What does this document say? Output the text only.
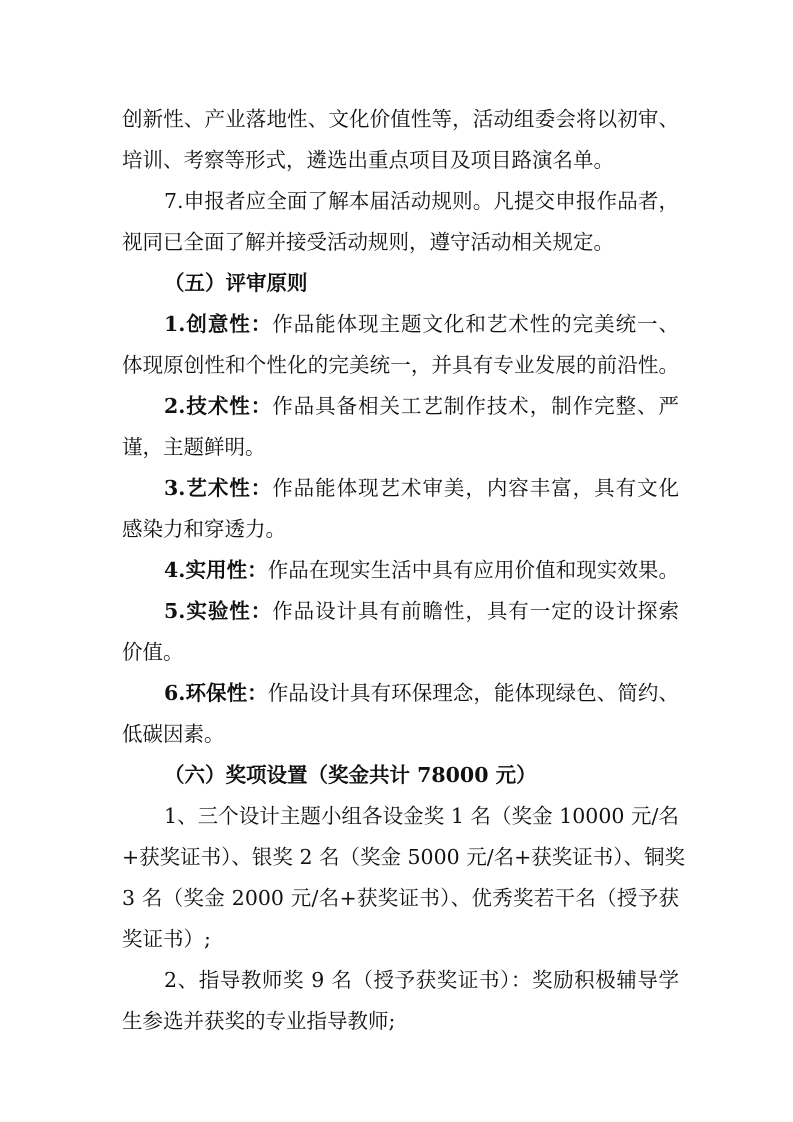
创新性、产业落地性、文化价值性等，活动组委会将以初审、
培训、考察等形式，遴选出重点项目及项目路演名单。
7.申报者应全面了解本届活动规则。凡提交申报作品者，
视同已全面了解并接受活动规则，遵守活动相关规定。
（五）评审原则
1.创意性：作品能体现主题文化和艺术性的完美统一、
体现原创性和个性化的完美统一，并具有专业发展的前沿性。
2.技术性：作品具备相关工艺制作技术，制作完整、严
谨，主题鲜明。
3.艺术性：作品能体现艺术审美，内容丰富，具有文化
感染力和穿透力。
4.实用性：作品在现实生活中具有应用价值和现实效果。
5.实验性：作品设计具有前瞻性，具有一定的设计探索
价值。
6.环保性：作品设计具有环保理念，能体现绿色、简约、
低碳因素。
（六）奖项设置（奖金共计 78000 元）
1、三个设计主题小组各设金奖 1 名（奖金 10000 元/名
+获奖证书）、银奖 2 名（奖金 5000 元/名+获奖证书）、铜奖
3 名（奖金 2000 元/名+获奖证书）、优秀奖若干名（授予获
奖证书）;
2、指导教师奖 9 名（授予获奖证书）：奖励积极辅导学
生参选并获奖的专业指导教师;
